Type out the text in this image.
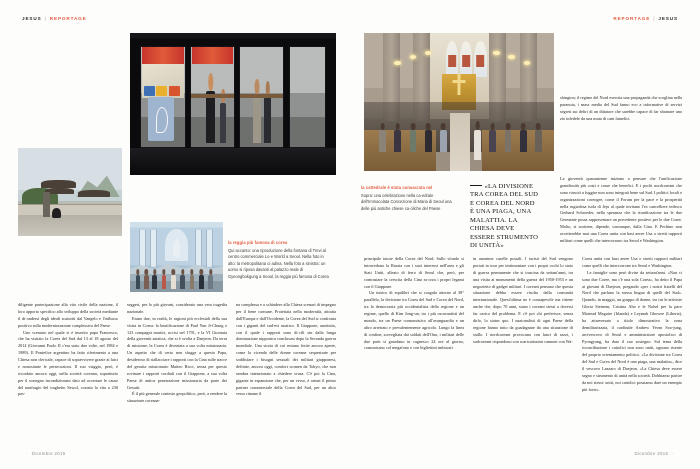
JESUS | REPORTAGE
la reggia più famosa di corea
Qui accanto: una riproduzione della fontana di Trevi al centro commerciale Lo·e World a Seoul. Nella foto in alto: la metropolitana ci·adina. Nella foto a sinistra: un uomo si riposa davanti al palazzo reale di Gyeongbokgung a Seoul, la reggia più famosa di Corea

diligente partecipazione alla vita civile della nazione, il loro apporto specifico allo sviluppo della società mediante il di·ondersi degli ideali scaturiti dal Vangelo e l'influsso positivo sulla modernizzazione complessiva del Paese.

Uno scenario nel quale si è inserito papa Francesco, che ha visitato la Corea del Sud dal 13 al 18 agosto del 2014 (Giovanni Paolo II c'era stato due volte, nel 1984 e 1989). Il Pontefice argentino ha fatto riferimento a una Chiesa non clericale, capace di sopravvivere grazie ai laici e nonostante le persecuzioni. Il suo viaggio, però, è ricordato ancora oggi, nella società coreana, soprattutto per il sostegno incondizionato dato ad accertare le cause del naufragio del traghetto Sewol, costato la vita a 230 pas-

seggeri, per lo più giovani, considerato una vera tragedia nazionale.

Erano due, in realtà, le ragioni più ecclesiali della sua visita in Corea: la beatificazione di Paul Yun Ji-Chung e 123 compagni martiri, uccisi nel 1791, e la VI Giornata della gioventù asiatica, che si è svolta a Daejeon. Da terra di missione, la Corea è diventata a sua volta missionaria. Un aspetto che di certo non sfugge a questo Papa, desideroso di riallacciare i rapporti con la Cina sulle tracce del gesuita missionario Matteo Ricci, senza per questo rovinare i rapporti cordiali con il Giappone, a sua volta Paese di antica penetrazione missionaria da parte dei Gesuiti.

È il più generale contesto geopolitico, però, a rendere la situazione coreana-

na complessa e a schiudere alla Chiesa scenari di impegno per il bene comune. Proiettata nella modernità, attratta dall'Europa e dall'Occidente, la Corea del Sud si confronta con i giganti del sud-est asiatico. Il Giappone, anzitutto, con il quale i rapporti sono di·cili sin dalla lunga dominazione nipponica conclusasi dopo la Seconda guerra mondiale. Una storia di cui restano ferite ancora aperte, come la vicenda delle donne coreane sequestrate per soddisfare i bisogni sessuali dei militari giapponesi, definite, ancora oggi, comfort women da Tokyo, che non sembra intenzionato a chiedere scusa. C'è poi la Cina, gigante in espansione che, per un verso, è ormai il primo partner commerciale della Corea del Sud, per un altro verso rimane il

· Dicembre 2015
REPORTAGE | JESUS
Dicembre 2015 ·
la cattedrale è stata consacrata nel
Sopra: una celebrazione nella ca·edrale dell'Immacolata Concezione di Maria di Seoul una delle più antiche chiese ca·oliche del Paese
«LA DIVISIONE TRA COREA DEL SUD E COREA DEL NORD È UNA PIAGA, UNA MALATTIA. LA CHIESA DEVE ESSERE STRUMENTO DI UNITÀ»

shington; il regime del Nord esercita una propaganda che scoglina nella paranoia, i mass media del Sud fanno eco a informative di servizi segreti sui deliri di un dittatore che sarebbe capace di far sbranare uno zio infedele da una muta di cani famelici.

La gioventù quarantenne iniziano a pensare che l'unificazione grandiosità più costi e casse che benefici. E i pochi nordcoreani che sono riusciti a fuggire non sono integrati bene sul Sud. I politici locali e organizzazioni coreogee, come il Forum per la pace e la prosperità nella rugiadosa isola di Jeju al quale invitano l'ex cancelliere tedesco Gerhard Schroeder, nella speranza che la riunificazione tra le due Germanie possa rappresentare un precedente positivo per le due Coree. Molto, si sostiene, dipende, comunque, dalla Cina. E Pechino non accetterebbe mai una Corea unita con basi aeree Usa o stretti rapporti militari come quelli che intercorrono tra Seoul e Washington.

principale tutore della Corea del Nord. Sullo sfondo si intravedono la Russia con i suoi interessi nell'area e gli Stati Uniti, alleato di ferro di Seoul che, però, per contrastare la crescita della Cina ra·orza i propri legami con il Giappone.

Un intrico di equilibri che si coagula attorno al 38° parallelo, la divisione tra Corea del Sud e Corea del Nord, tra la democrazia più occidentalista della regione e un regime, quello di Kim Jong-un, tra i più oscurantisti del mondo, tra un Paese consumistico all'avanguardia e un altro arretrato e prevalentemente agricolo. Lungo la linea di confine, sorvegliata dai soldati dell'Onu, i militari delle due parti si guardano in cagnesco 24 ore al giorno, comunicano col megafono e con bigliettini imbucati

in anonime caselle postali. I turisti del Sud vengono portati in tour per testimoniare con i propri occhi lo stato di guerra permanente che si trascina da settant'anni, tra una visita ai monumenti della guerra del 1950-1953 e un negozietto di gadget militari. I coreani pensano che questa situazione debba essere risolta dalla comunità internazionale. Quest'ultima ne è consapevole ma ritiene anche che, dopo 70 anni, siano i coreani stessi a doversi far carico del problema. E c'è poi chi preferisce, senza dirlo, lo status quo. I nazionalisti di ogni Paese della regione hanno tutto da guadagnare da una situazione di stallo. I nordcoreani provocano con lanci di razzi, i sudcoreani rispondono con scaricatissimi cannoni con Wa-

Corea unita con basi aeree Usa o stretti rapporti militari come quelli che intercorrono tra Seoul e Washington.

Le famiglie sono però divise da settant'anni. «Non ci sono due Coree, ma c'è una sola Corea», ha detto il Papa ai giovani di Daejeon, pregando «per i nostri fratelli del Nord che parlano la stessa lingua di quelli del Sud». Quando, in maggio, un gruppo di donne, tra cui le attiviste Gloria Steinem, Cristina Aho e le Nobel per la pace Mairead Maguire (Irlanda) e Leymah Gbowee (Liberia), ha attraversato a titolo dimostrativo la zona demilitarizzata, il cardinale Andrew Yeom Soo-jung, arcivescovo di Seoul e amministratore apostolico di Pyongyang, ha dato il suo sostegno. Sul tema della riconciliazione i cattolici non sono uniti, ognuno risente del proprio orientamento politico. «La divisione tra Corea del Sud e Corea del Nord è una piaga, una malattia», dice il vescovo Lazzaro di Daejeon. «La Chiesa deve essere segno e strumento di unità nella società. Dobbiamo partire da noi stessi: uniti, noi cattolici possiamo dare un esempio più forte».
